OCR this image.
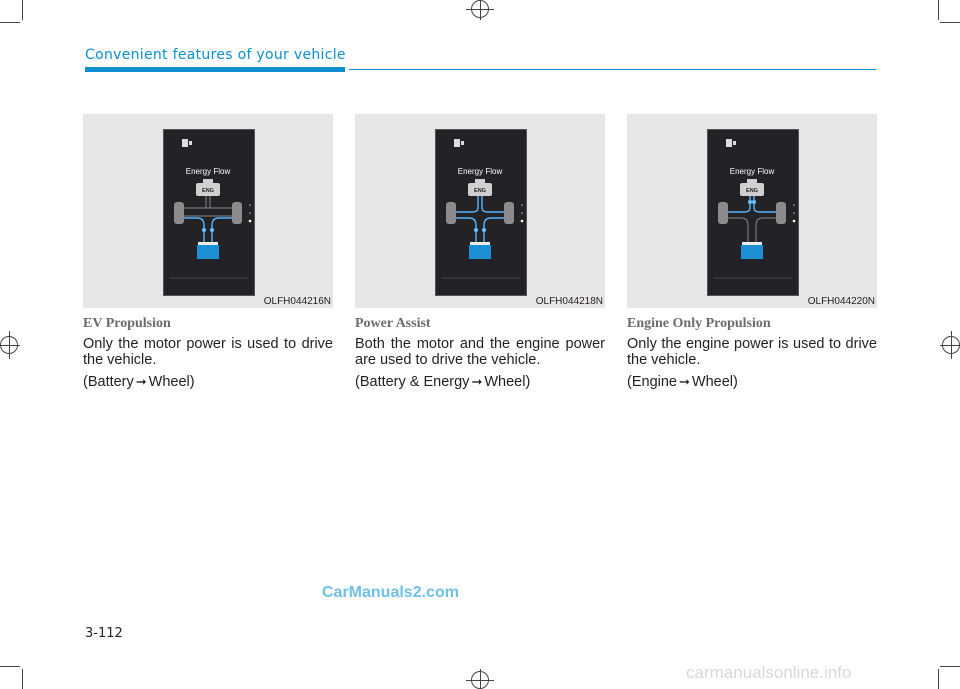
Convenient features of your vehicle
Energy Flow
ENG
OLFH044216N
EV Propulsion
Only the motor power is used to drive the vehicle.
(Battery ➞ Wheel)
Energy Flow
ENG
OLFH044218N
Power Assist
Both the motor and the engine power are used to drive the vehicle.
(Battery & Energy ➞ Wheel)
Energy Flow
ENG
OLFH044220N
Engine Only Propulsion
Only the engine power is used to drive the vehicle.
(Engine ➞ Wheel)
CarManuals2.com
3-112
carmanualsonline.info
